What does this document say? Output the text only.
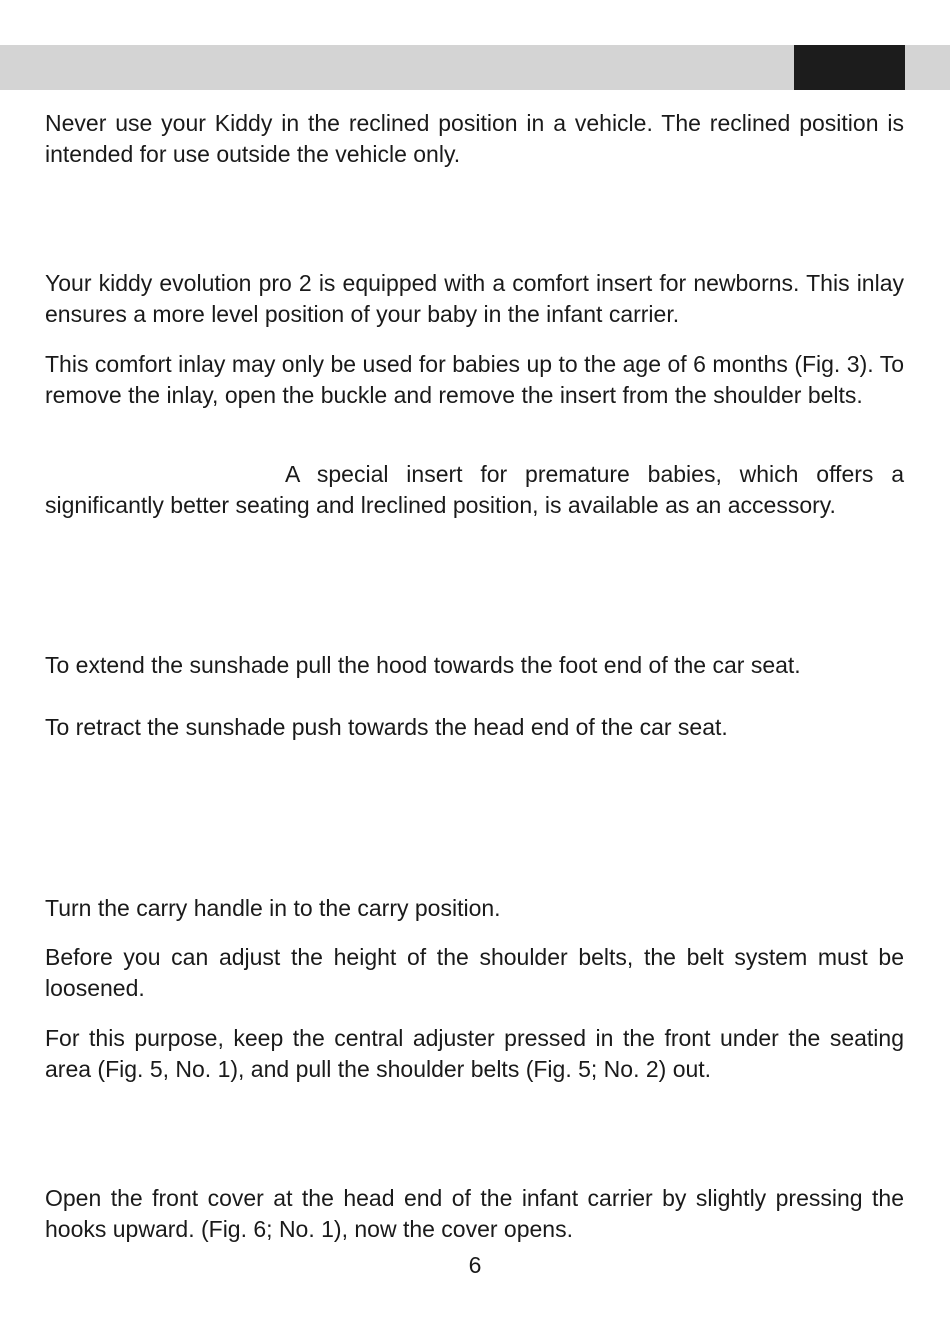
Never use your Kiddy in the reclined position in a vehicle. The reclined position is intended for use outside the vehicle only.

Your kiddy evolution pro 2 is equipped with a comfort insert for newborns. This inlay ensures a more level position of your baby in the infant carrier.

This comfort inlay may only be used for babies up to the age of 6 months (Fig. 3). To remove the inlay, open the buckle and remove the insert from the shoulder belts.

A special insert for premature babies, which offers a significantly better seating and lreclined position, is available as an accessory.

To extend the sunshade pull the hood towards the foot end of the car seat.

To retract the sunshade push towards the head end of the car seat.

Turn the carry handle in to the carry position.

Before you can adjust the height of the shoulder belts, the belt system must be loosened.

For this purpose, keep the central adjuster pressed in the front under the seating area (Fig. 5, No. 1), and pull the shoulder belts (Fig. 5; No. 2) out.

Open the front cover at the head end of the infant carrier by slightly pressing the hooks upward. (Fig. 6; No. 1), now the cover opens.

6
